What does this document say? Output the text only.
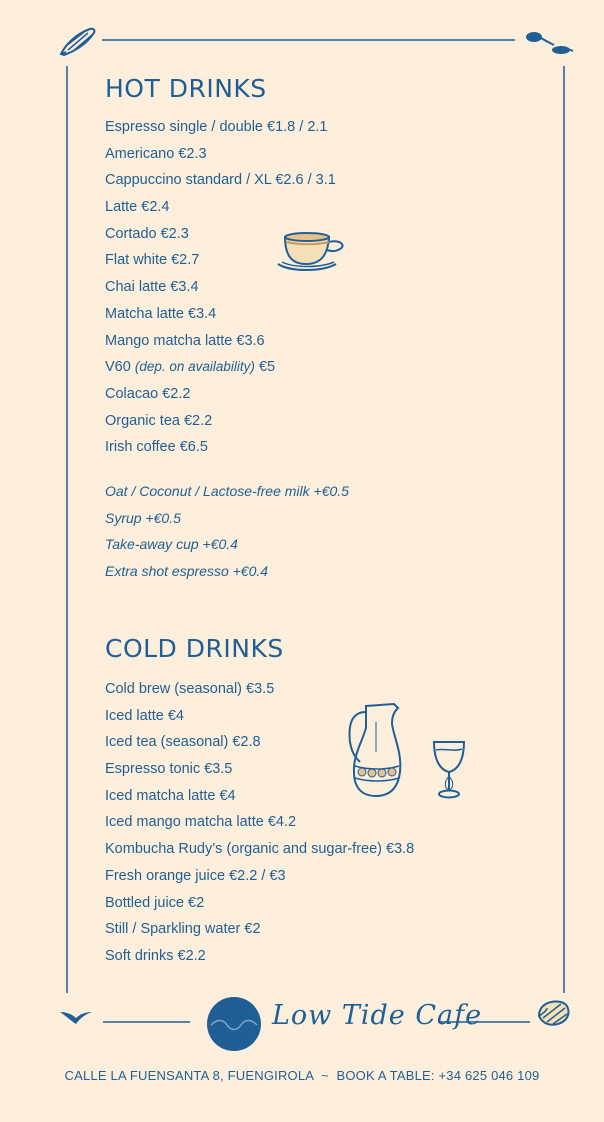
HOT DRINKS
Espresso single / double €1.8 / 2.1
Americano €2.3
Cappuccino standard / XL €2.6 / 3.1
Latte €2.4
Cortado €2.3
Flat white €2.7
Chai latte €3.4
Matcha latte €3.4
Mango matcha latte €3.6
V60 (dep. on availability) €5
Colacao €2.2
Organic tea €2.2
Irish coffee €6.5
Oat / Coconut / Lactose-free milk +€0.5
Syrup +€0.5
Take-away cup +€0.4
Extra shot espresso +€0.4
COLD DRINKS
Cold brew (seasonal) €3.5
Iced latte €4
Iced tea (seasonal) €2.8
Espresso tonic €3.5
Iced matcha latte €4
Iced mango matcha latte €4.2
Kombucha Rudy’s (organic and sugar-free) €3.8
Fresh orange juice €2.2 / €3
Bottled juice €2
Still / Sparkling water €2
Soft drinks €2.2
Low Tide Cafe
CALLE LA FUENSANTA 8, FUENGIROLA ~ BOOK A TABLE: +34 625 046 109
